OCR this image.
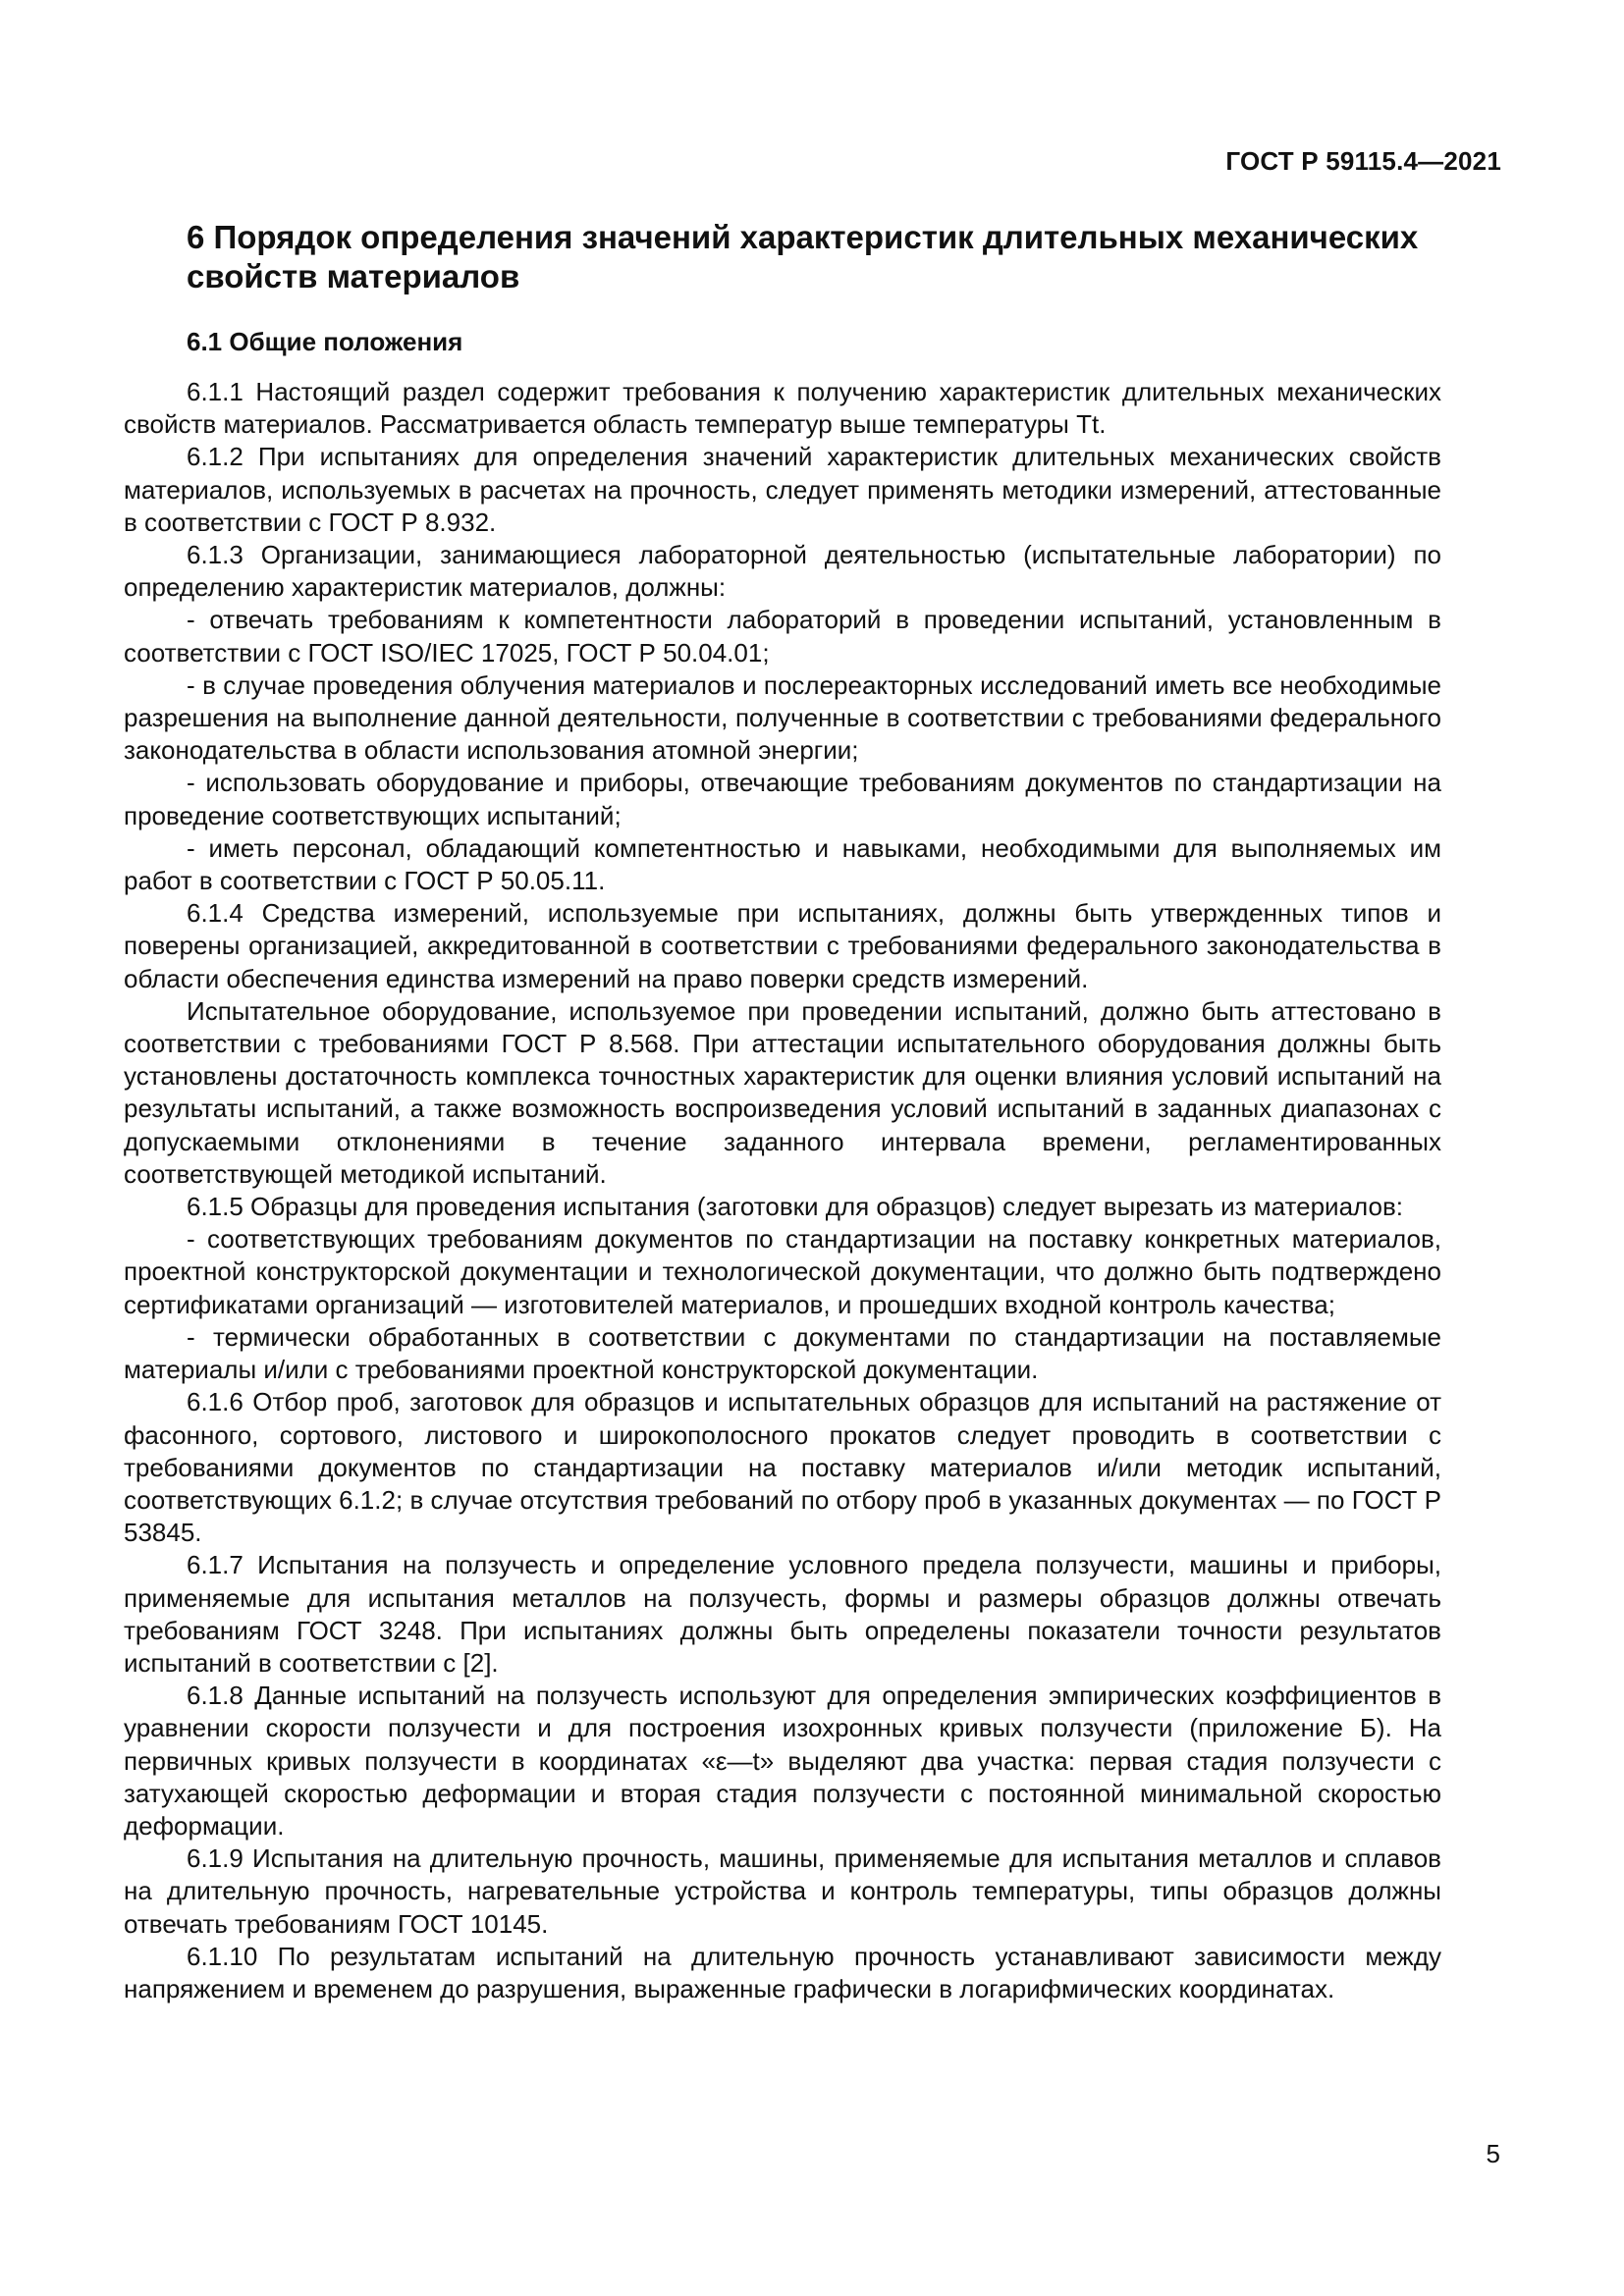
ГОСТ Р 59115.4—2021
6 Порядок определения значений характеристик длительных механических свойств материалов
6.1 Общие положения

6.1.1 Настоящий раздел содержит требования к получению характеристик длительных механических свойств материалов. Рассматривается область температур выше температуры Tt.

6.1.2 При испытаниях для определения значений характеристик длительных механических свойств материалов, используемых в расчетах на прочность, следует применять методики измерений, аттестованные в соответствии с ГОСТ Р 8.932.

6.1.3 Организации, занимающиеся лабораторной деятельностью (испытательные лаборатории) по определению характеристик материалов, должны:

- отвечать требованиям к компетентности лабораторий в проведении испытаний, установленным в соответствии с ГОСТ ISO/IEC 17025, ГОСТ Р 50.04.01;

- в случае проведения облучения материалов и послереакторных исследований иметь все необходимые разрешения на выполнение данной деятельности, полученные в соответствии с требованиями федерального законодательства в области использования атомной энергии;

- использовать оборудование и приборы, отвечающие требованиям документов по стандартизации на проведение соответствующих испытаний;

- иметь персонал, обладающий компетентностью и навыками, необходимыми для выполняемых им работ в соответствии с ГОСТ Р 50.05.11.

6.1.4 Средства измерений, используемые при испытаниях, должны быть утвержденных типов и поверены организацией, аккредитованной в соответствии с требованиями федерального законодательства в области обеспечения единства измерений на право поверки средств измерений.

Испытательное оборудование, используемое при проведении испытаний, должно быть аттестовано в соответствии с требованиями ГОСТ Р 8.568. При аттестации испытательного оборудования должны быть установлены достаточность комплекса точностных характеристик для оценки влияния условий испытаний на результаты испытаний, а также возможность воспроизведения условий испытаний в заданных диапазонах с допускаемыми отклонениями в течение заданного интервала времени, регламентированных соответствующей методикой испытаний.

6.1.5 Образцы для проведения испытания (заготовки для образцов) следует вырезать из материалов:

- соответствующих требованиям документов по стандартизации на поставку конкретных материалов, проектной конструкторской документации и технологической документации, что должно быть подтверждено сертификатами организаций — изготовителей материалов, и прошедших входной контроль качества;

- термически обработанных в соответствии с документами по стандартизации на поставляемые материалы и/или с требованиями проектной конструкторской документации.

6.1.6 Отбор проб, заготовок для образцов и испытательных образцов для испытаний на растяжение от фасонного, сортового, листового и широкополосного прокатов следует проводить в соответствии с требованиями документов по стандартизации на поставку материалов и/или методик испытаний, соответствующих 6.1.2; в случае отсутствия требований по отбору проб в указанных документах — по ГОСТ Р 53845.

6.1.7 Испытания на ползучесть и определение условного предела ползучести, машины и приборы, применяемые для испытания металлов на ползучесть, формы и размеры образцов должны отвечать требованиям ГОСТ 3248. При испытаниях должны быть определены показатели точности результатов испытаний в соответствии с [2].

6.1.8 Данные испытаний на ползучесть используют для определения эмпирических коэффициентов в уравнении скорости ползучести и для построения изохронных кривых ползучести (приложение Б). На первичных кривых ползучести в координатах «ε—t» выделяют два участка: первая стадия ползучести с затухающей скоростью деформации и вторая стадия ползучести с постоянной минимальной скоростью деформации.

6.1.9 Испытания на длительную прочность, машины, применяемые для испытания металлов и сплавов на длительную прочность, нагревательные устройства и контроль температуры, типы образцов должны отвечать требованиям ГОСТ 10145.

6.1.10 По результатам испытаний на длительную прочность устанавливают зависимости между напряжением и временем до разрушения, выраженные графически в логарифмических координатах.

5
